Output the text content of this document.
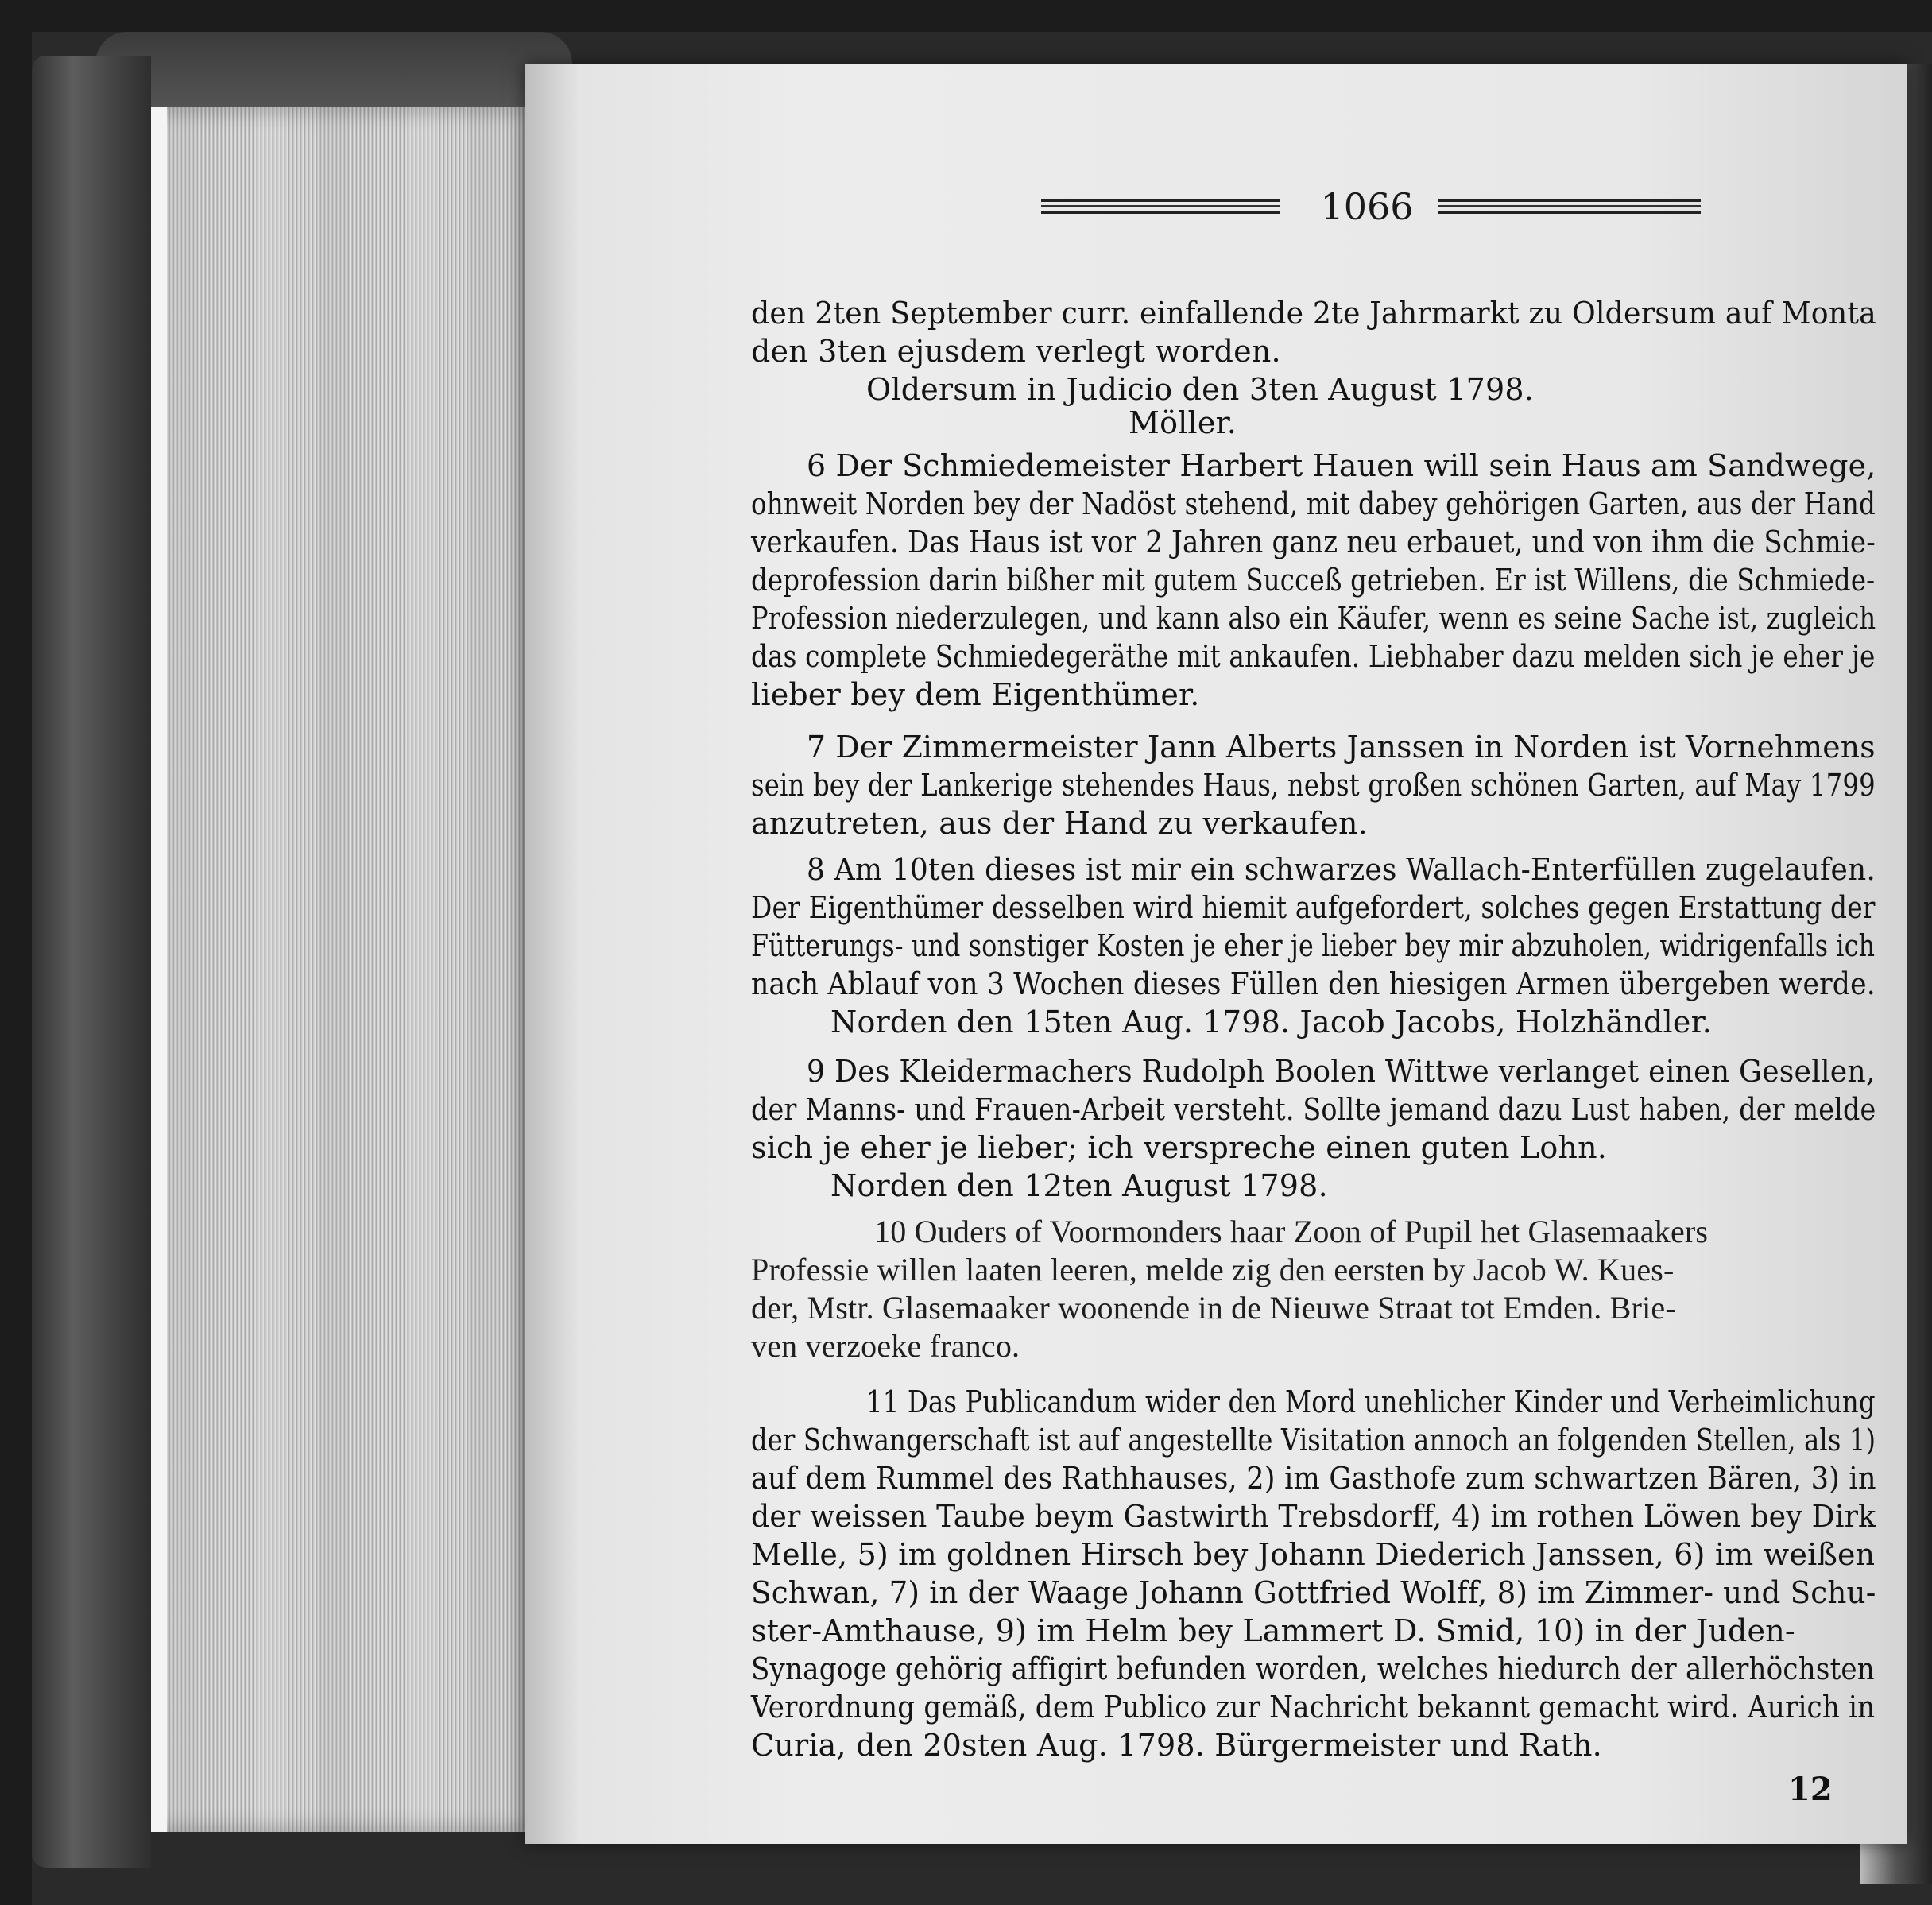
1066
den 2ten September curr. einfallende 2te Jahrmarkt zu Oldersum auf Monta
den 3ten ejusdem verlegt worden.
Oldersum in Judicio den 3ten August 1798.
Möller.
6 Der Schmiedemeister Harbert Hauen will sein Haus am Sandwege,
ohnweit Norden bey der Nadöst stehend, mit dabey gehörigen Garten, aus der Hand
verkaufen. Das Haus ist vor 2 Jahren ganz neu erbauet, und von ihm die Schmie-
deprofession darin bißher mit gutem Succeß getrieben. Er ist Willens, die Schmiede-
Profession niederzulegen, und kann also ein Käufer, wenn es seine Sache ist, zugleich
das complete Schmiedegeräthe mit ankaufen. Liebhaber dazu melden sich je eher je
lieber bey dem Eigenthümer.
7 Der Zimmermeister Jann Alberts Janssen in Norden ist Vornehmens
sein bey der Lankerige stehendes Haus, nebst großen schönen Garten, auf May 1799
anzutreten, aus der Hand zu verkaufen.
8 Am 10ten dieses ist mir ein schwarzes Wallach-Enterfüllen zugelaufen.
Der Eigenthümer desselben wird hiemit aufgefordert, solches gegen Erstattung der
Fütterungs- und sonstiger Kosten je eher je lieber bey mir abzuholen, widrigenfalls ich
nach Ablauf von 3 Wochen dieses Füllen den hiesigen Armen übergeben werde.
Norden den 15ten Aug. 1798. Jacob Jacobs, Holzhändler.
9 Des Kleidermachers Rudolph Boolen Wittwe verlanget einen Gesellen,
der Manns- und Frauen-Arbeit versteht. Sollte jemand dazu Lust haben, der melde
sich je eher je lieber; ich verspreche einen guten Lohn.
Norden den 12ten August 1798.
10 Ouders of Voormonders haar Zoon of Pupil het Glasemaakers
Professie willen laaten leeren, melde zig den eersten by Jacob W. Kues-
der, Mstr. Glasemaaker woonende in de Nieuwe Straat tot Emden. Brie-
ven verzoeke franco.
11 Das Publicandum wider den Mord unehlicher Kinder und Verheimlichung
der Schwangerschaft ist auf angestellte Visitation annoch an folgenden Stellen, als 1)
auf dem Rummel des Rathhauses, 2) im Gasthofe zum schwartzen Bären, 3) in
der weissen Taube beym Gastwirth Trebsdorff, 4) im rothen Löwen bey Dirk
Melle, 5) im goldnen Hirsch bey Johann Diederich Janssen, 6) im weißen
Schwan, 7) in der Waage Johann Gottfried Wolff, 8) im Zimmer- und Schu-
ster-Amthause, 9) im Helm bey Lammert D. Smid, 10) in der Juden-
Synagoge gehörig affigirt befunden worden, welches hiedurch der allerhöchsten
Verordnung gemäß, dem Publico zur Nachricht bekannt gemacht wird. Aurich in
Curia, den 20sten Aug. 1798. Bürgermeister und Rath.
12
